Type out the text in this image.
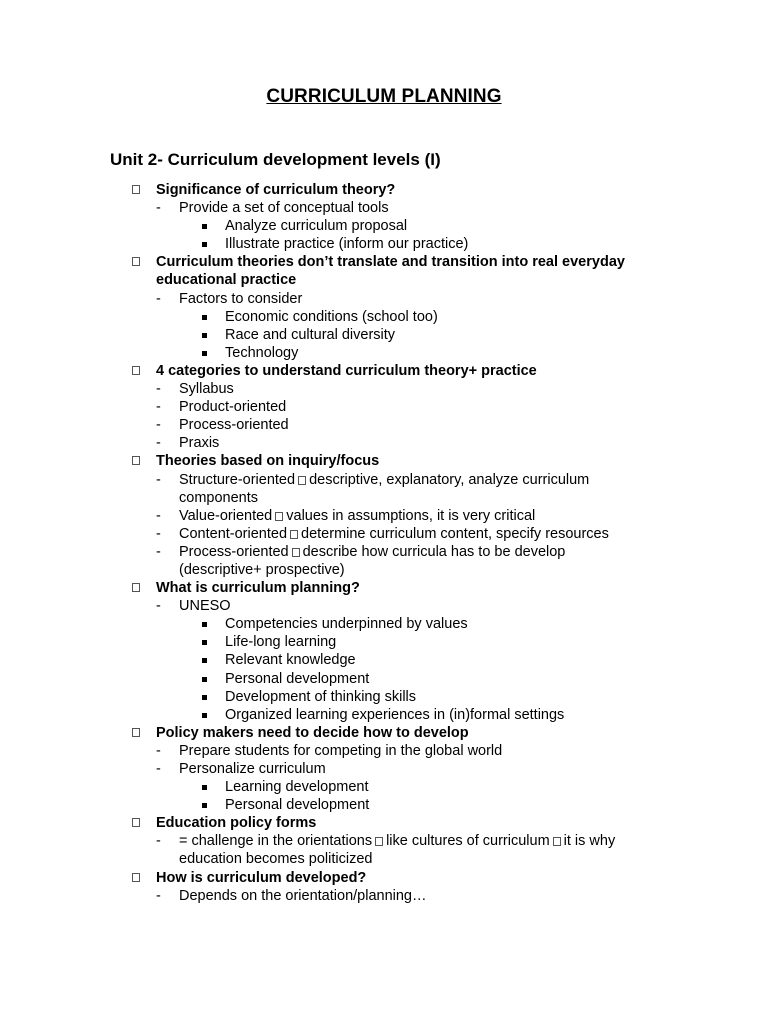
CURRICULUM PLANNING
Unit 2- Curriculum development levels (I)
Significance of curriculum theory?
- Provide a set of conceptual tools
Analyze curriculum proposal
Illustrate practice (inform our practice)
Curriculum theories don’t translate and transition into real everyday
educational practice
- Factors to consider
Economic conditions (school too)
Race and cultural diversity
Technology
4 categories to understand curriculum theory+ practice
- Syllabus
- Product-oriented
- Process-oriented
- Praxis
Theories based on inquiry/focus
- Structure-oriented descriptive, explanatory, analyze curriculum
components
- Value-oriented values in assumptions, it is very critical
- Content-oriented determine curriculum content, specify resources
- Process-oriented describe how curricula has to be develop
(descriptive+ prospective)
What is curriculum planning?
- UNESO
Competencies underpinned by values
Life-long learning
Relevant knowledge
Personal development
Development of thinking skills
Organized learning experiences in (in)formal settings
Policy makers need to decide how to develop
- Prepare students for competing in the global world
- Personalize curriculum
Learning development
Personal development
Education policy forms
- = challenge in the orientations like cultures of curriculum it is why
education becomes politicized
How is curriculum developed?
- Depends on the orientation/planning…
